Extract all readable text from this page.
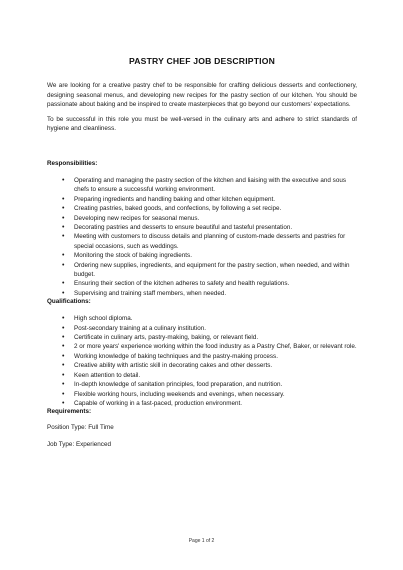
PASTRY CHEF JOB DESCRIPTION

We are looking for a creative pastry chef to be responsible for crafting delicious desserts and confectionery, designing seasonal menus, and developing new recipes for the pastry section of our kitchen. You should be passionate about baking and be inspired to create masterpieces that go beyond our customers' expectations.

To be successful in this role you must be well-versed in the culinary arts and adhere to strict standards of hygiene and cleanliness.

Responsibilities:
• Operating and managing the pastry section of the kitchen and liaising with the executive and sous chefs to ensure a successful working environment.
• Preparing ingredients and handling baking and other kitchen equipment.
• Creating pastries, baked goods, and confections, by following a set recipe.
• Developing new recipes for seasonal menus.
• Decorating pastries and desserts to ensure beautiful and tasteful presentation.
• Meeting with customers to discuss details and planning of custom-made desserts and pastries for special occasions, such as weddings.
• Monitoring the stock of baking ingredients.
• Ordering new supplies, ingredients, and equipment for the pastry section, when needed, and within budget.
• Ensuring their section of the kitchen adheres to safety and health regulations.
• Supervising and training staff members, when needed.
Qualifications:
• High school diploma.
• Post-secondary training at a culinary institution.
• Certificate in culinary arts, pastry-making, baking, or relevant field.
• 2 or more years' experience working within the food industry as a Pastry Chef, Baker, or relevant role.
• Working knowledge of baking techniques and the pastry-making process.
• Creative ability with artistic skill in decorating cakes and other desserts.
• Keen attention to detail.
• In-depth knowledge of sanitation principles, food preparation, and nutrition.
• Flexible working hours, including weekends and evenings, when necessary.
• Capable of working in a fast-paced, production environment.
Requirements:
Position Type: Full Time
Job Type: Experienced
Page 1 of 2
